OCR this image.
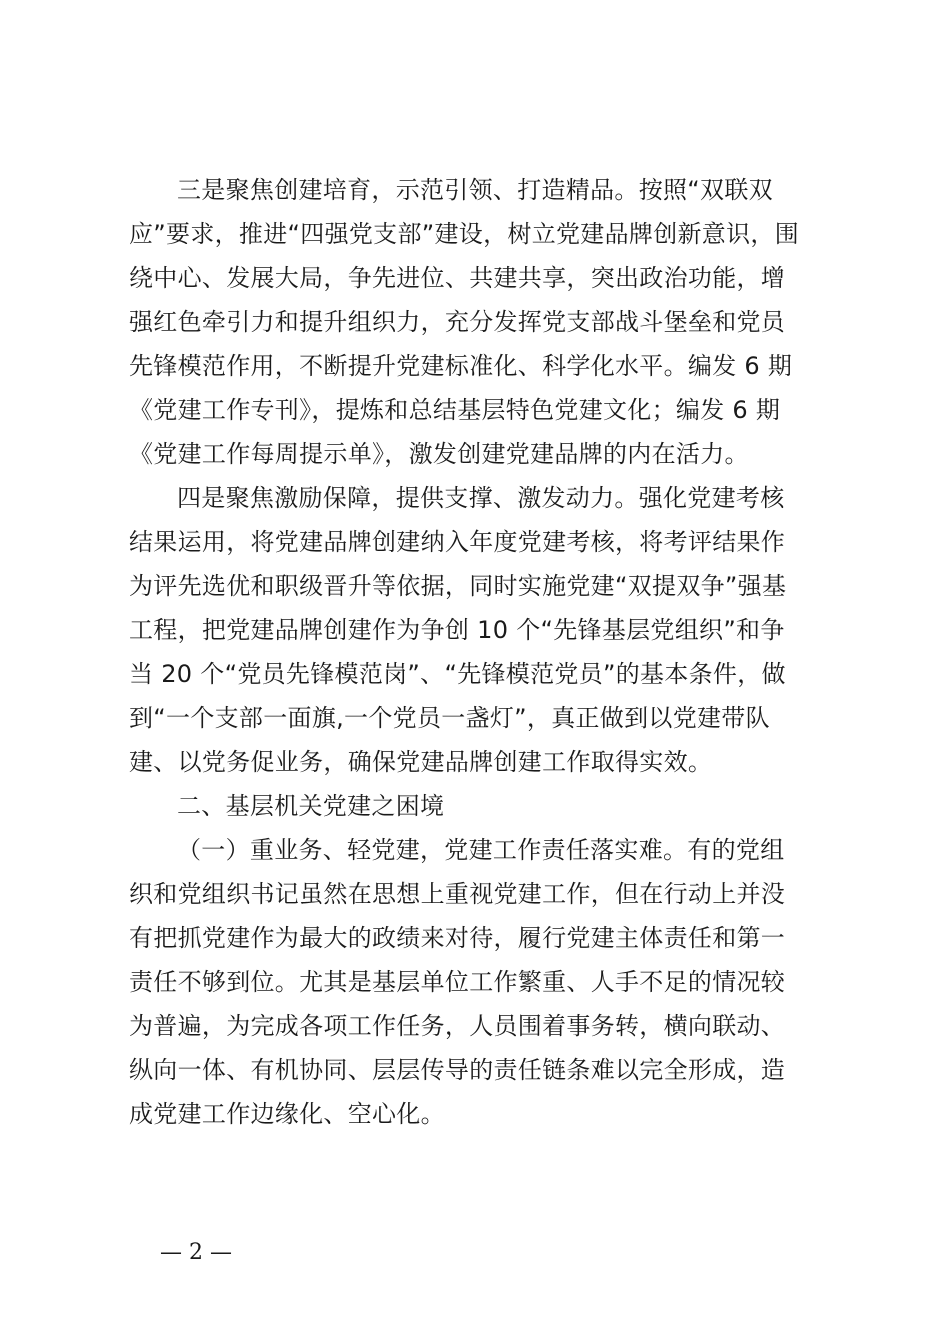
三是聚焦创建培育，示范引领、打造精品。按照“双联双
应”要求，推进“四强党支部”建设，树立党建品牌创新意识，围
绕中心、发展大局，争先进位、共建共享，突出政治功能，增
强红色牵引力和提升组织力，充分发挥党支部战斗堡垒和党员
先锋模范作用，不断提升党建标准化、科学化水平。编发 6 期
《党建工作专刊》，提炼和总结基层特色党建文化；编发 6 期
《党建工作每周提示单》，激发创建党建品牌的内在活力。
四是聚焦激励保障，提供支撑、激发动力。强化党建考核
结果运用，将党建品牌创建纳入年度党建考核，将考评结果作
为评先选优和职级晋升等依据，同时实施党建“双提双争”强基
工程，把党建品牌创建作为争创 10 个“先锋基层党组织”和争
当 20 个“党员先锋模范岗”、“先锋模范党员”的基本条件，做
到“一个支部一面旗,一个党员一盏灯”，真正做到以党建带队
建、以党务促业务，确保党建品牌创建工作取得实效。
二、基层机关党建之困境
（一）重业务、轻党建，党建工作责任落实难。有的党组
织和党组织书记虽然在思想上重视党建工作，但在行动上并没
有把抓党建作为最大的政绩来对待，履行党建主体责任和第一
责任不够到位。尤其是基层单位工作繁重、人手不足的情况较
为普遍，为完成各项工作任务，人员围着事务转，横向联动、
纵向一体、有机协同、层层传导的责任链条难以完全形成，造
成党建工作边缘化、空心化。
— 2 —
